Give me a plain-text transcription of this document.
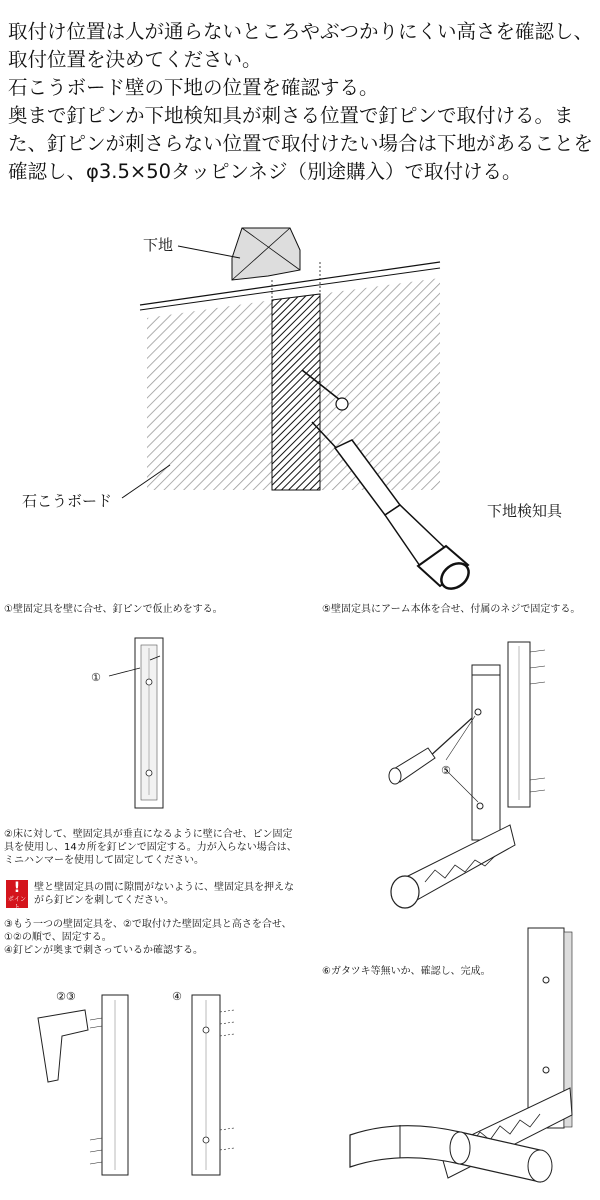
取付け位置は人が通らないところやぶつかりにくい高さを確認し、取付位置を決めてください。

石こうボード壁の下地の位置を確認する。

奥まで釘ピンか下地検知具が刺さる位置で釘ピンで取付ける。また、釘ピンが刺さらない位置で取付けたい場合は下地があることを確認し、φ3.5×50タッピンネジ（別途購入）で取付ける。

下地
石こうボード
下地検知具
①壁固定具を壁に合せ、釘ピンで仮止めをする。	⑤壁固定具にアーム本体を合せ、付属のネジで固定する。
①
⑤
②床に対して、壁固定具が垂直になるように壁に合せ、ピン固定具を使用し、14カ所を釘ピンで固定する。力が入らない場合は、ミニハンマーを使用して固定してください。
!
ポイント
壁と壁固定具の間に隙間がないように、壁固定具を押えながら釘ピンを刺してください。
③もう一つの壁固定具を、②で取付けた壁固定具と高さを合せ、①②の順で、固定する。
④釘ピンが奥まで刺さっているか確認する。
⑥ガタツキ等無いか、確認し、完成。
②③	④
